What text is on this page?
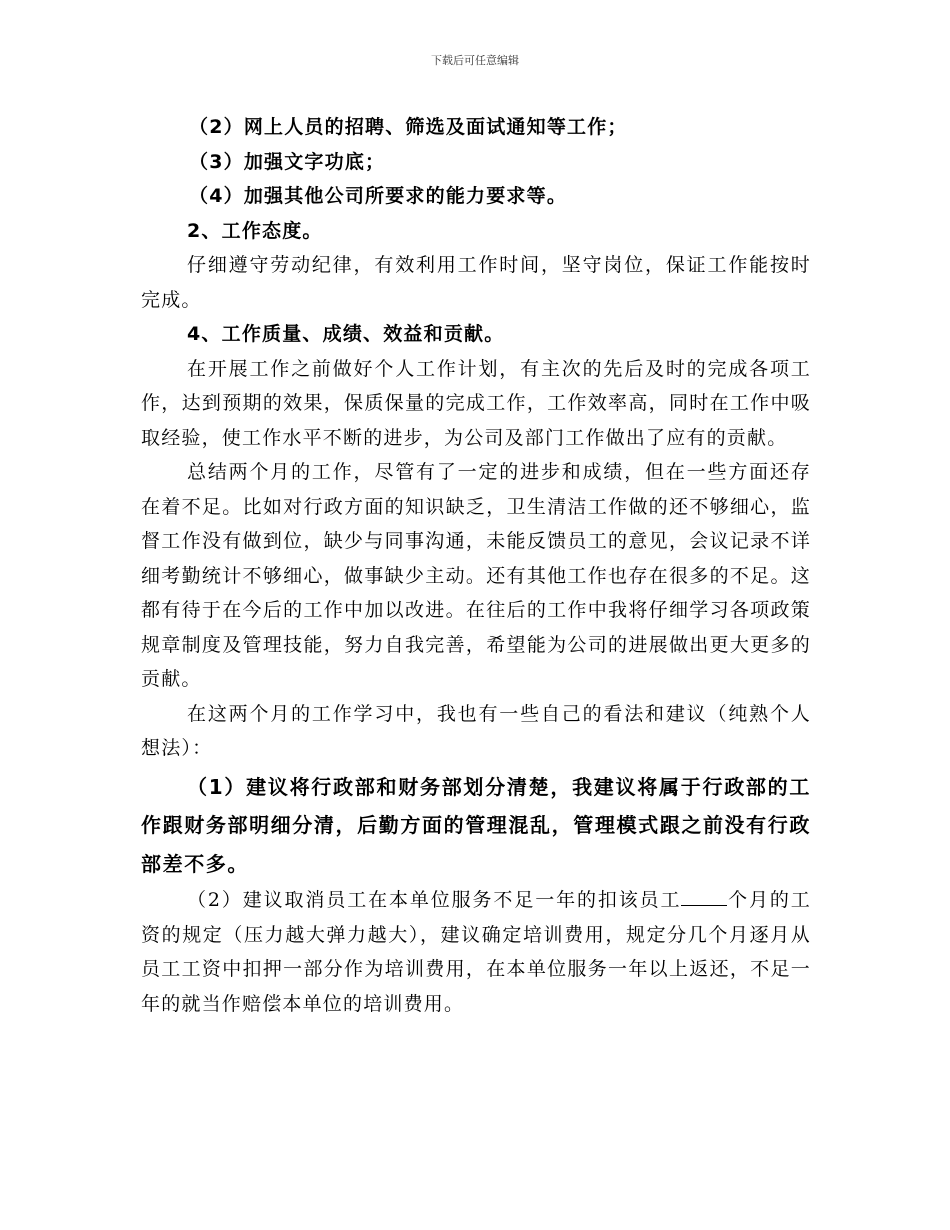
下载后可任意编辑

（2）网上人员的招聘、筛选及面试通知等工作；

（3）加强文字功底；

（4）加强其他公司所要求的能力要求等。

2、工作态度。

仔细遵守劳动纪律，有效利用工作时间，坚守岗位，保证工作能按时完成。

4、工作质量、成绩、效益和贡献。

在开展工作之前做好个人工作计划，有主次的先后及时的完成各项工作，达到预期的效果，保质保量的完成工作，工作效率高，同时在工作中吸取经验，使工作水平不断的进步，为公司及部门工作做出了应有的贡献。

总结两个月的工作，尽管有了一定的进步和成绩，但在一些方面还存在着不足。比如对行政方面的知识缺乏，卫生清洁工作做的还不够细心，监督工作没有做到位，缺少与同事沟通，未能反馈员工的意见，会议记录不详细考勤统计不够细心，做事缺少主动。还有其他工作也存在很多的不足。这都有待于在今后的工作中加以改进。在往后的工作中我将仔细学习各项政策规章制度及管理技能，努力自我完善，希望能为公司的进展做出更大更多的贡献。

在这两个月的工作学习中，我也有一些自己的看法和建议（纯熟个人想法）：

（1）建议将行政部和财务部划分清楚，我建议将属于行政部的工作跟财务部明细分清，后勤方面的管理混乱，管理模式跟之前没有行政部差不多。

（2）建议取消员工在本单位服务不足一年的扣该员工 个月的工资的规定（压力越大弹力越大），建议确定培训费用，规定分几个月逐月从员工工资中扣押一部分作为培训费用，在本单位服务一年以上返还，不足一年的就当作赔偿本单位的培训费用。
